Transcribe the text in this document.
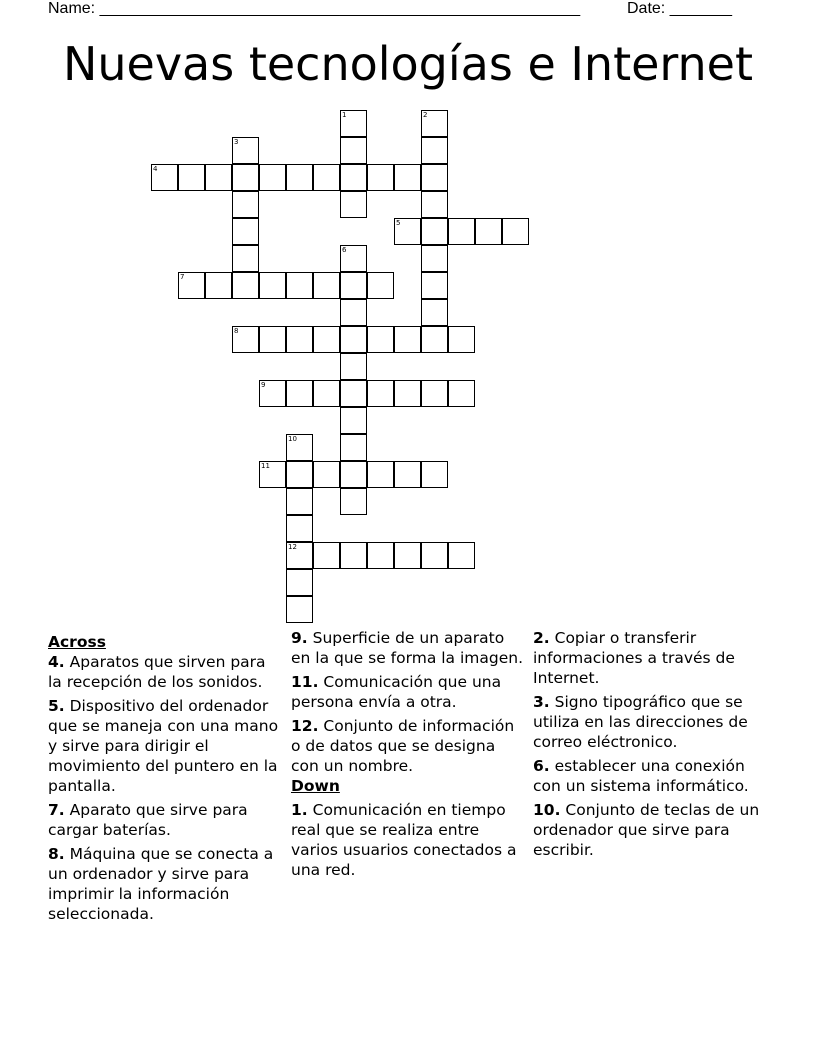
Name: ______________________________________________________	Date: _______
Nuevas tecnologías e Internet
1	2
3
4
5
6
7
8
9
10
12
11
Across
4. Aparatos que sirven para la recepción de los sonidos.
5. Dispositivo del ordenador que se maneja con una mano y sirve para dirigir el movimiento del puntero en la pantalla.
7. Aparato que sirve para cargar baterías.
8. Máquina que se conecta a un ordenador y sirve para imprimir la información seleccionada.
9. Superficie de un aparato en la que se forma la imagen.
11. Comunicación que una persona envía a otra.
12. Conjunto de información o de datos que se designa con un nombre.
Down
1. Comunicación en tiempo real que se realiza entre varios usuarios conectados a una red.
2. Copiar o transferir informaciones a través de Internet.
3. Signo tipográfico que se utiliza en las direcciones de correo eléctronico.
6. establecer una conexión con un sistema informático.
10. Conjunto de teclas de un ordenador que sirve para escribir.
